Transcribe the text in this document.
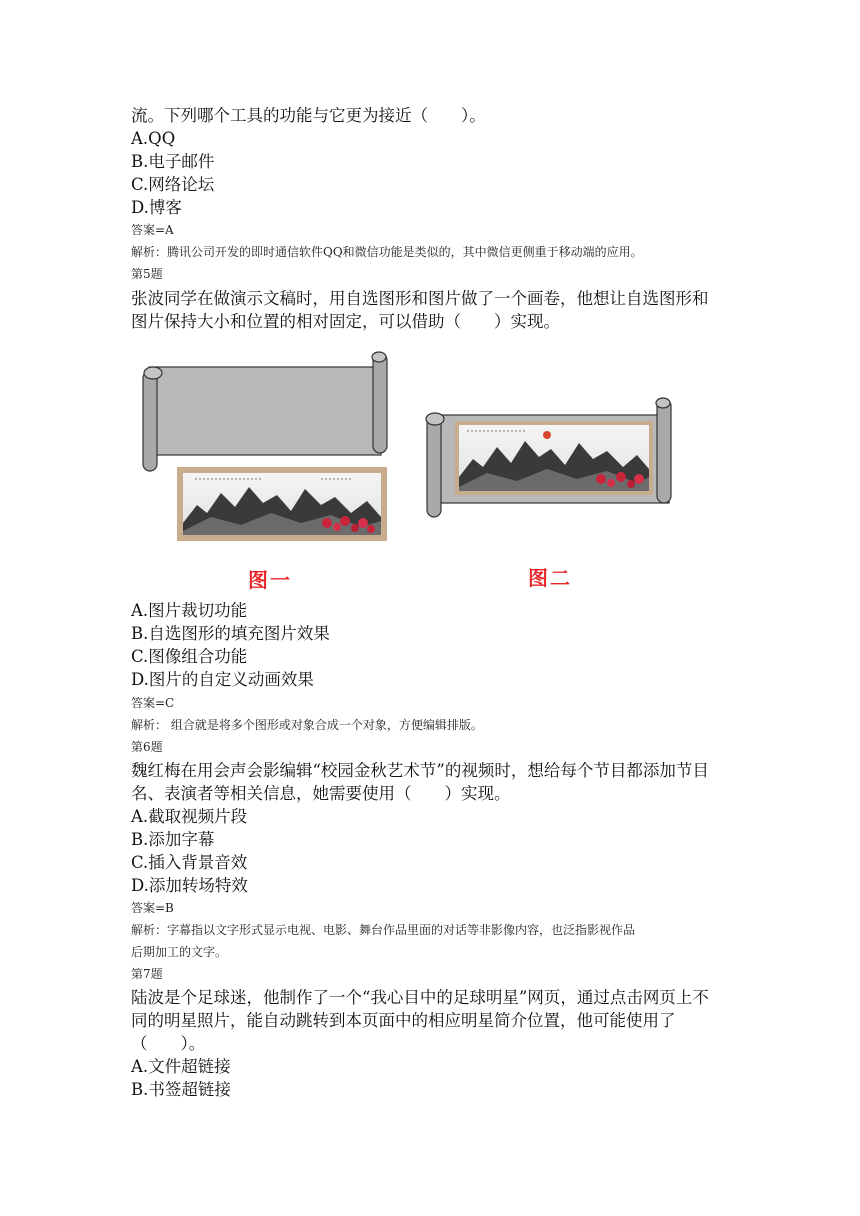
流。下列哪个工具的功能与它更为接近（　　）。
A.QQ
B.电子邮件
C.网络论坛
D.博客
答案=A
解析：腾讯公司开发的即时通信软件QQ和微信功能是类似的，其中微信更侧重于移动端的应用。
第5题
张波同学在做演示文稿时，用自选图形和图片做了一个画卷，他想让自选图形和
图片保持大小和位置的相对固定，可以借助（　　）实现。
图一	图二
A.图片裁切功能
B.自选图形的填充图片效果
C.图像组合功能
D.图片的自定义动画效果
答案=C
解析： 组合就是将多个图形或对象合成一个对象，方便编辑排版。
第6题
魏红梅在用会声会影编辑“校园金秋艺术节”的视频时，想给每个节目都添加节目
名、表演者等相关信息，她需要使用（　　）实现。
A.截取视频片段
B.添加字幕
C.插入背景音效
D.添加转场特效
答案=B
解析：字幕指以文字形式显示电视、电影、舞台作品里面的对话等非影像内容，也泛指影视作品
后期加工的文字。
第7题
陆波是个足球迷，他制作了一个“我心目中的足球明星”网页，通过点击网页上不
同的明星照片，能自动跳转到本页面中的相应明星简介位置，他可能使用了
（　　）。
A.文件超链接
B.书签超链接
